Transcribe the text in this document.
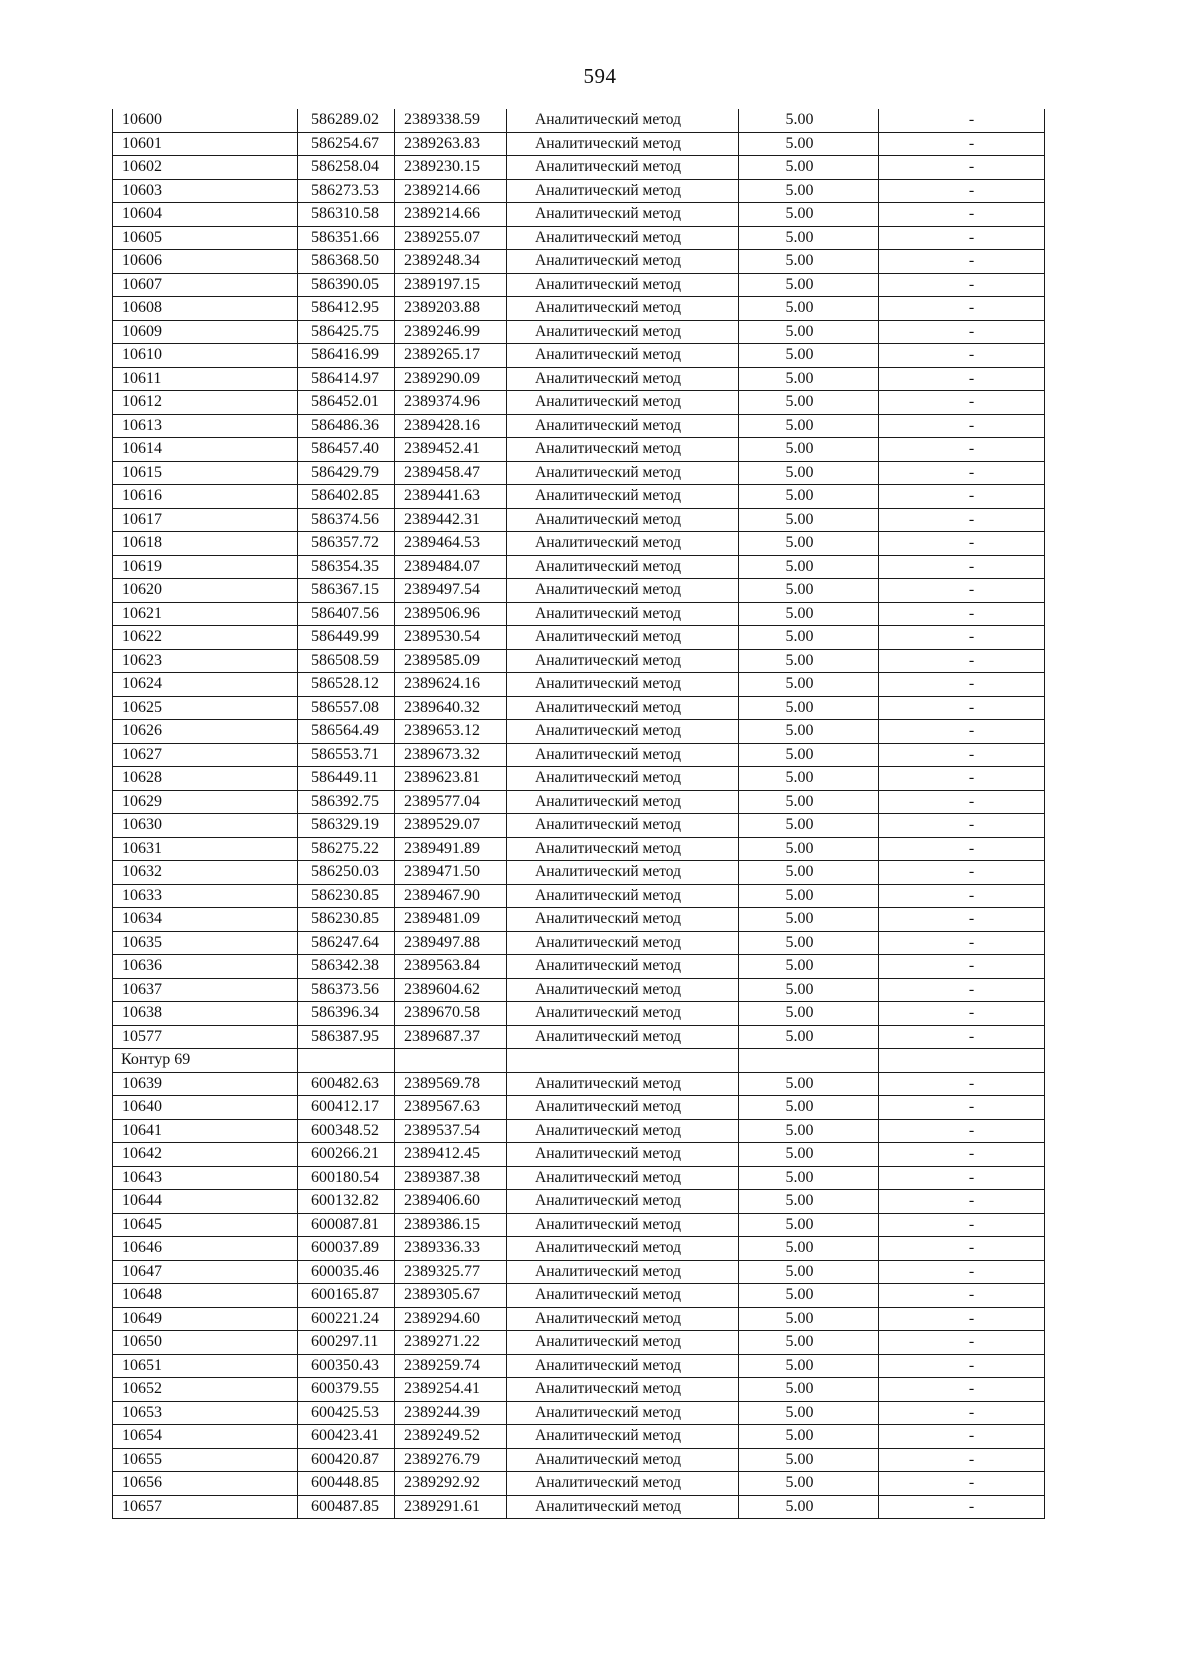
594
10600	586289.02	2389338.59	Аналитический метод	5.00	-
10601	586254.67	2389263.83	Аналитический метод	5.00	-
10602	586258.04	2389230.15	Аналитический метод	5.00	-
10603	586273.53	2389214.66	Аналитический метод	5.00	-
10604	586310.58	2389214.66	Аналитический метод	5.00	-
10605	586351.66	2389255.07	Аналитический метод	5.00	-
10606	586368.50	2389248.34	Аналитический метод	5.00	-
10607	586390.05	2389197.15	Аналитический метод	5.00	-
10608	586412.95	2389203.88	Аналитический метод	5.00	-
10609	586425.75	2389246.99	Аналитический метод	5.00	-
10610	586416.99	2389265.17	Аналитический метод	5.00	-
10611	586414.97	2389290.09	Аналитический метод	5.00	-
10612	586452.01	2389374.96	Аналитический метод	5.00	-
10613	586486.36	2389428.16	Аналитический метод	5.00	-
10614	586457.40	2389452.41	Аналитический метод	5.00	-
10615	586429.79	2389458.47	Аналитический метод	5.00	-
10616	586402.85	2389441.63	Аналитический метод	5.00	-
10617	586374.56	2389442.31	Аналитический метод	5.00	-
10618	586357.72	2389464.53	Аналитический метод	5.00	-
10619	586354.35	2389484.07	Аналитический метод	5.00	-
10620	586367.15	2389497.54	Аналитический метод	5.00	-
10621	586407.56	2389506.96	Аналитический метод	5.00	-
10622	586449.99	2389530.54	Аналитический метод	5.00	-
10623	586508.59	2389585.09	Аналитический метод	5.00	-
10624	586528.12	2389624.16	Аналитический метод	5.00	-
10625	586557.08	2389640.32	Аналитический метод	5.00	-
10626	586564.49	2389653.12	Аналитический метод	5.00	-
10627	586553.71	2389673.32	Аналитический метод	5.00	-
10628	586449.11	2389623.81	Аналитический метод	5.00	-
10629	586392.75	2389577.04	Аналитический метод	5.00	-
10630	586329.19	2389529.07	Аналитический метод	5.00	-
10631	586275.22	2389491.89	Аналитический метод	5.00	-
10632	586250.03	2389471.50	Аналитический метод	5.00	-
10633	586230.85	2389467.90	Аналитический метод	5.00	-
10634	586230.85	2389481.09	Аналитический метод	5.00	-
10635	586247.64	2389497.88	Аналитический метод	5.00	-
10636	586342.38	2389563.84	Аналитический метод	5.00	-
10637	586373.56	2389604.62	Аналитический метод	5.00	-
10638	586396.34	2389670.58	Аналитический метод	5.00	-
10577	586387.95	2389687.37	Аналитический метод	5.00	-
Контур 69					
10639	600482.63	2389569.78	Аналитический метод	5.00	-
10640	600412.17	2389567.63	Аналитический метод	5.00	-
10641	600348.52	2389537.54	Аналитический метод	5.00	-
10642	600266.21	2389412.45	Аналитический метод	5.00	-
10643	600180.54	2389387.38	Аналитический метод	5.00	-
10644	600132.82	2389406.60	Аналитический метод	5.00	-
10645	600087.81	2389386.15	Аналитический метод	5.00	-
10646	600037.89	2389336.33	Аналитический метод	5.00	-
10647	600035.46	2389325.77	Аналитический метод	5.00	-
10648	600165.87	2389305.67	Аналитический метод	5.00	-
10649	600221.24	2389294.60	Аналитический метод	5.00	-
10650	600297.11	2389271.22	Аналитический метод	5.00	-
10651	600350.43	2389259.74	Аналитический метод	5.00	-
10652	600379.55	2389254.41	Аналитический метод	5.00	-
10653	600425.53	2389244.39	Аналитический метод	5.00	-
10654	600423.41	2389249.52	Аналитический метод	5.00	-
10655	600420.87	2389276.79	Аналитический метод	5.00	-
10656	600448.85	2389292.92	Аналитический метод	5.00	-
10657	600487.85	2389291.61	Аналитический метод	5.00	-
